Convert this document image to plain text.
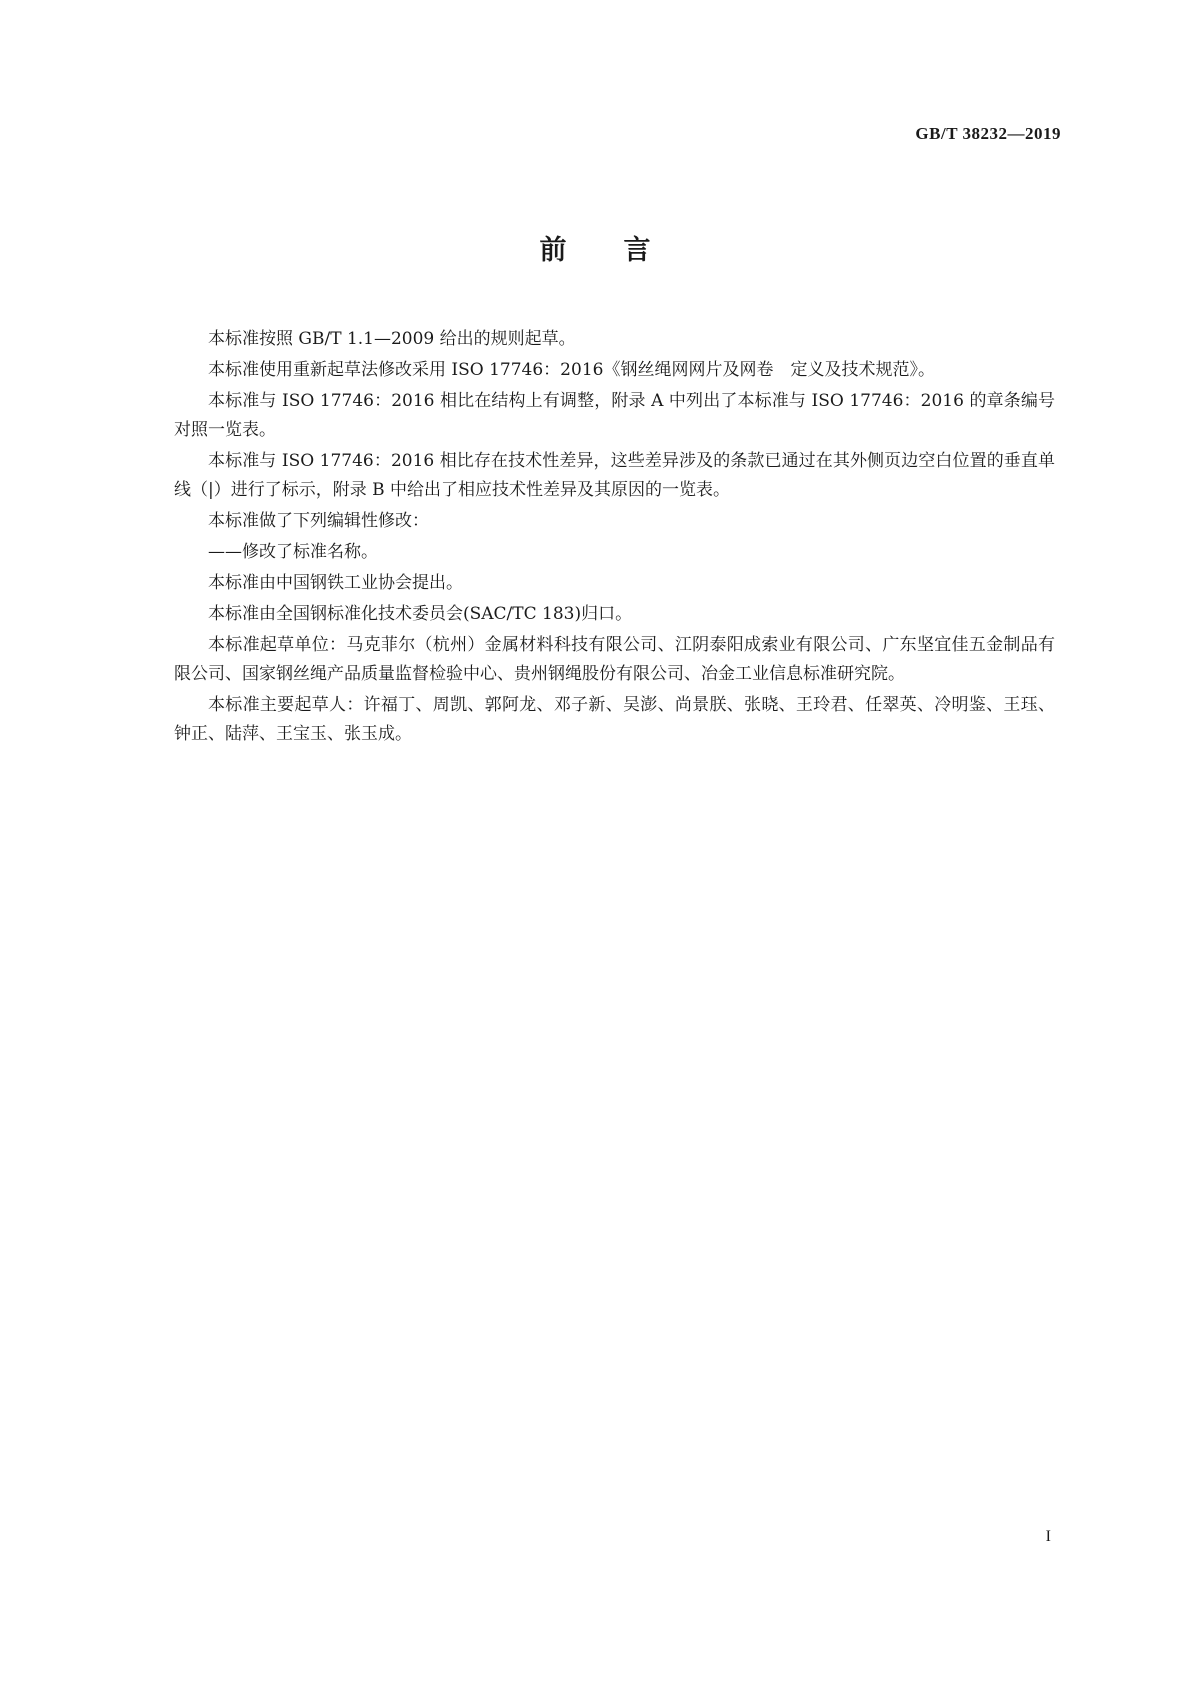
GB/T 38232—2019
前 言

本标准按照 GB/T 1.1—2009 给出的规则起草。

本标准使用重新起草法修改采用 ISO 17746：2016《钢丝绳网网片及网卷　定义及技术规范》。

本标准与 ISO 17746：2016 相比在结构上有调整，附录 A 中列出了本标准与 ISO 17746：2016 的章条编号对照一览表。

本标准与 ISO 17746：2016 相比存在技术性差异，这些差异涉及的条款已通过在其外侧页边空白位置的垂直单线（|）进行了标示，附录 B 中给出了相应技术性差异及其原因的一览表。

本标准做了下列编辑性修改：

——修改了标准名称。

本标准由中国钢铁工业协会提出。

本标准由全国钢标准化技术委员会(SAC/TC 183)归口。

本标准起草单位：马克菲尔（杭州）金属材料科技有限公司、江阴泰阳成索业有限公司、广东坚宜佳五金制品有限公司、国家钢丝绳产品质量监督检验中心、贵州钢绳股份有限公司、冶金工业信息标准研究院。

本标准主要起草人：许福丁、周凯、郭阿龙、邓子新、吴澎、尚景朕、张晓、王玲君、任翠英、冷明鉴、王珏、钟正、陆萍、王宝玉、张玉成。

I
